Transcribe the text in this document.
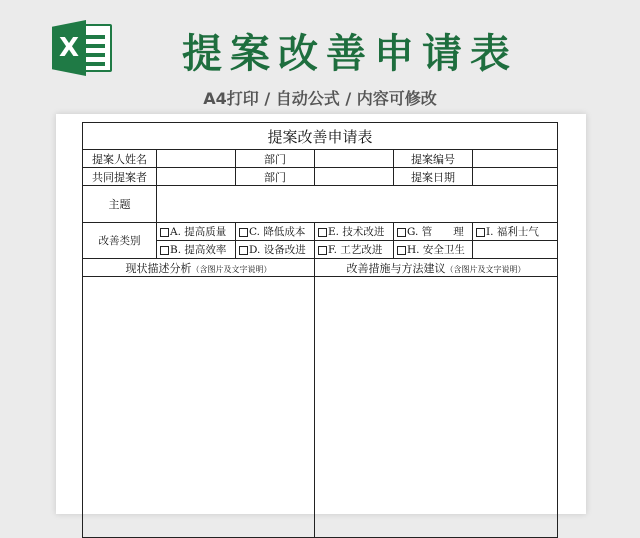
X	提案改善申请表
A4打印 / 自动公式 / 内容可修改
提案改善申请表					
提案人姓名		部门		提案编号	
共同提案者		部门		提案日期	
主题					
改善类别	A. 提高质量	C. 降低成本	E. 技术改进	G. 管　　理	I. 福利士气
	B. 提高效率	D. 设备改进	F. 工艺改进	H. 安全卫生	
现状描述分析（含图片及文字说明）			改善措施与方法建议（含图片及文字说明）		
